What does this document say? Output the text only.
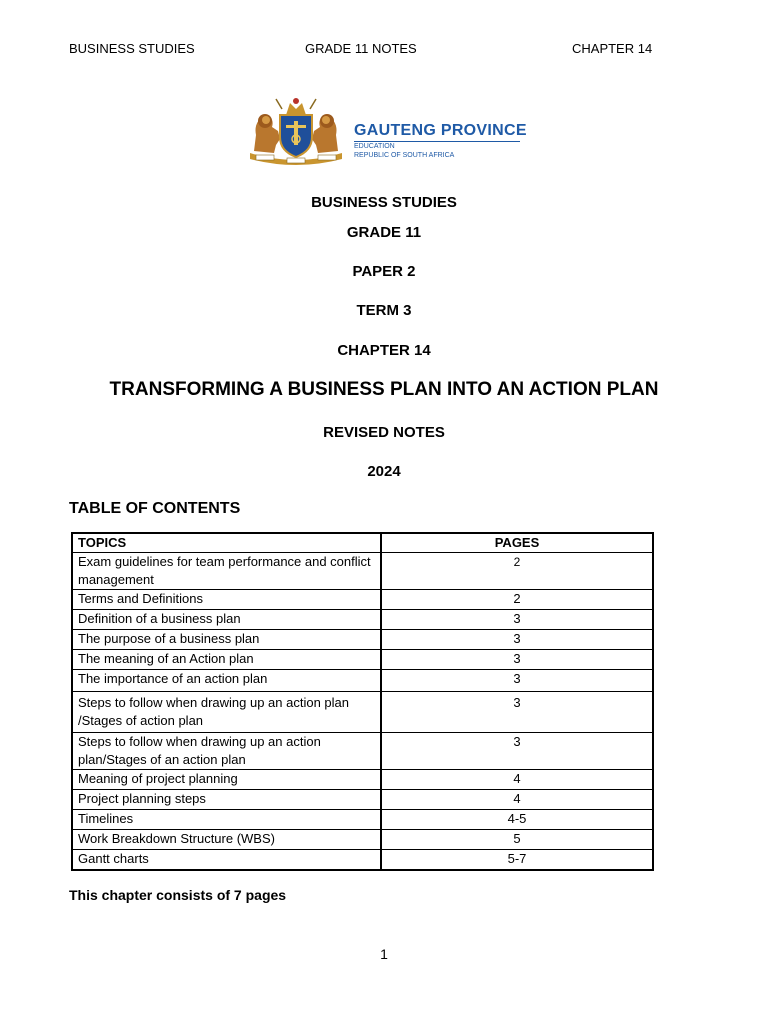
BUSINESS STUDIES	GRADE 11 NOTES	CHAPTER 14
GAUTENG PROVINCE
EDUCATION
REPUBLIC OF SOUTH AFRICA
BUSINESS STUDIES
GRADE 11
PAPER 2
TERM 3
CHAPTER 14
TRANSFORMING A BUSINESS PLAN INTO AN ACTION PLAN
REVISED NOTES
2024
TABLE OF CONTENTS
TOPICS	PAGES
Exam guidelines for team performance and conflict management	2
Terms and Definitions	2
Definition of a business plan	3
The purpose of a business plan	3
The meaning of an Action plan	3
The importance of an action plan	3
Steps to follow when drawing up an action plan /Stages of action plan	3
Steps to follow when drawing up an action plan/Stages of an action plan	3
Meaning of project planning	4
Project planning steps	4
Timelines	4-5
Work Breakdown Structure (WBS)	5
Gantt charts	5-7
This chapter consists of 7 pages
1
